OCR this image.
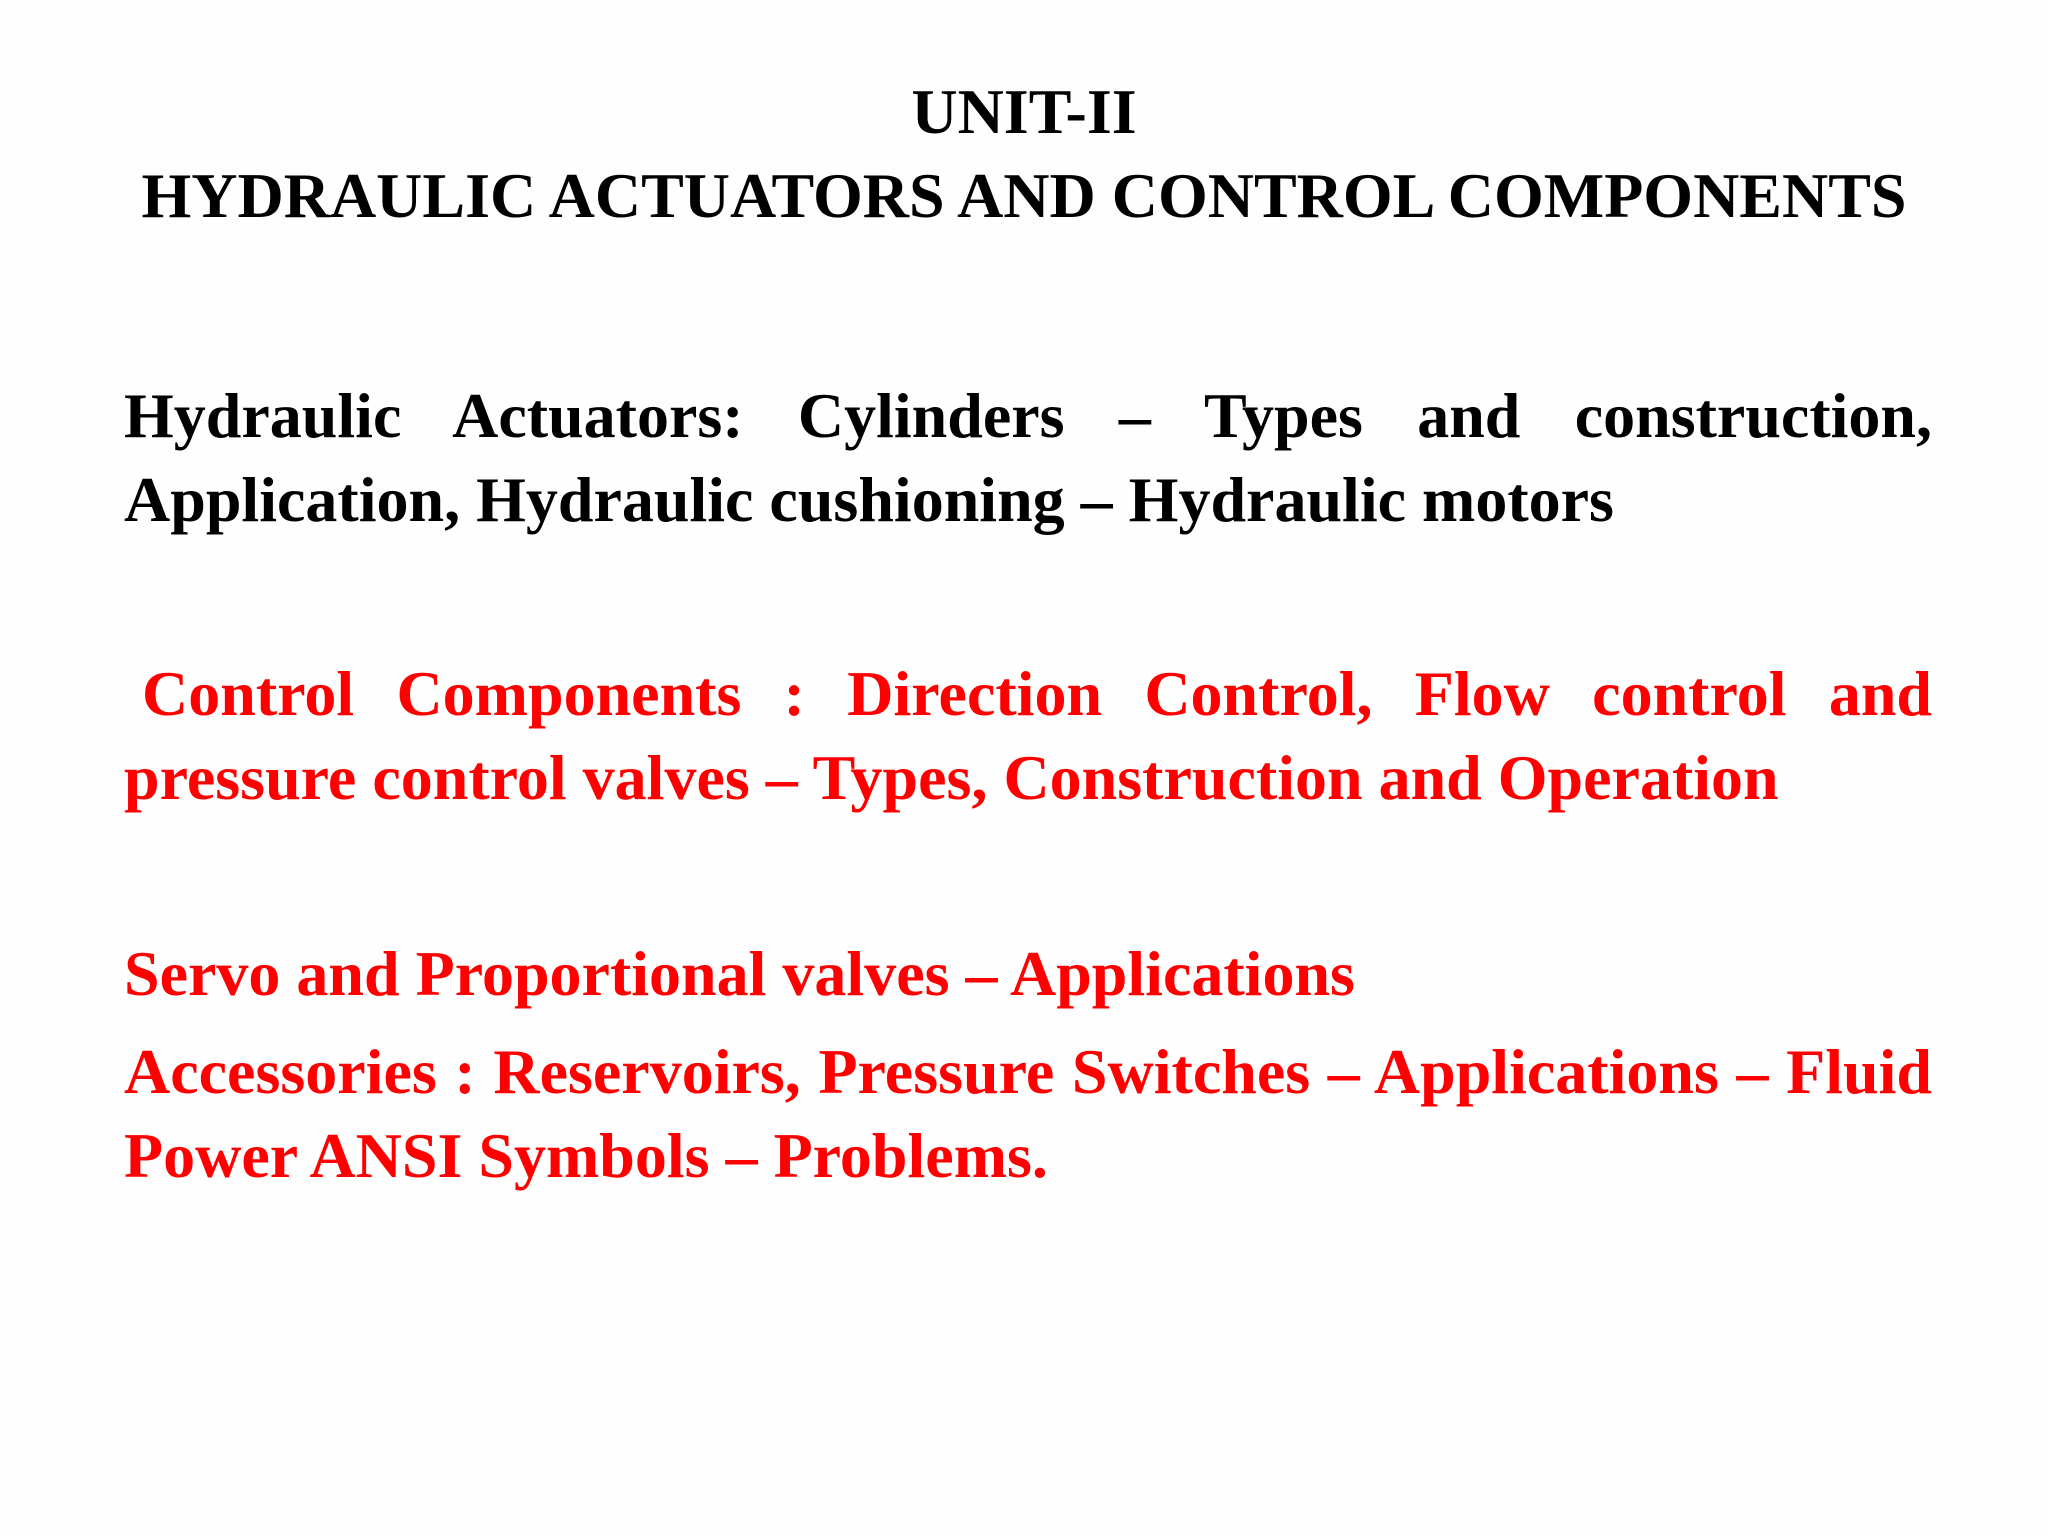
UNIT-II
HYDRAULIC ACTUATORS AND CONTROL COMPONENTS
Hydraulic Actuators: Cylinders – Types and construction, Application, Hydraulic cushioning – Hydraulic motors
Control Components : Direction Control, Flow control and pressure control valves – Types, Construction and Operation
Servo and Proportional valves – Applications
Accessories : Reservoirs, Pressure Switches – Applications – Fluid Power ANSI Symbols – Problems.
